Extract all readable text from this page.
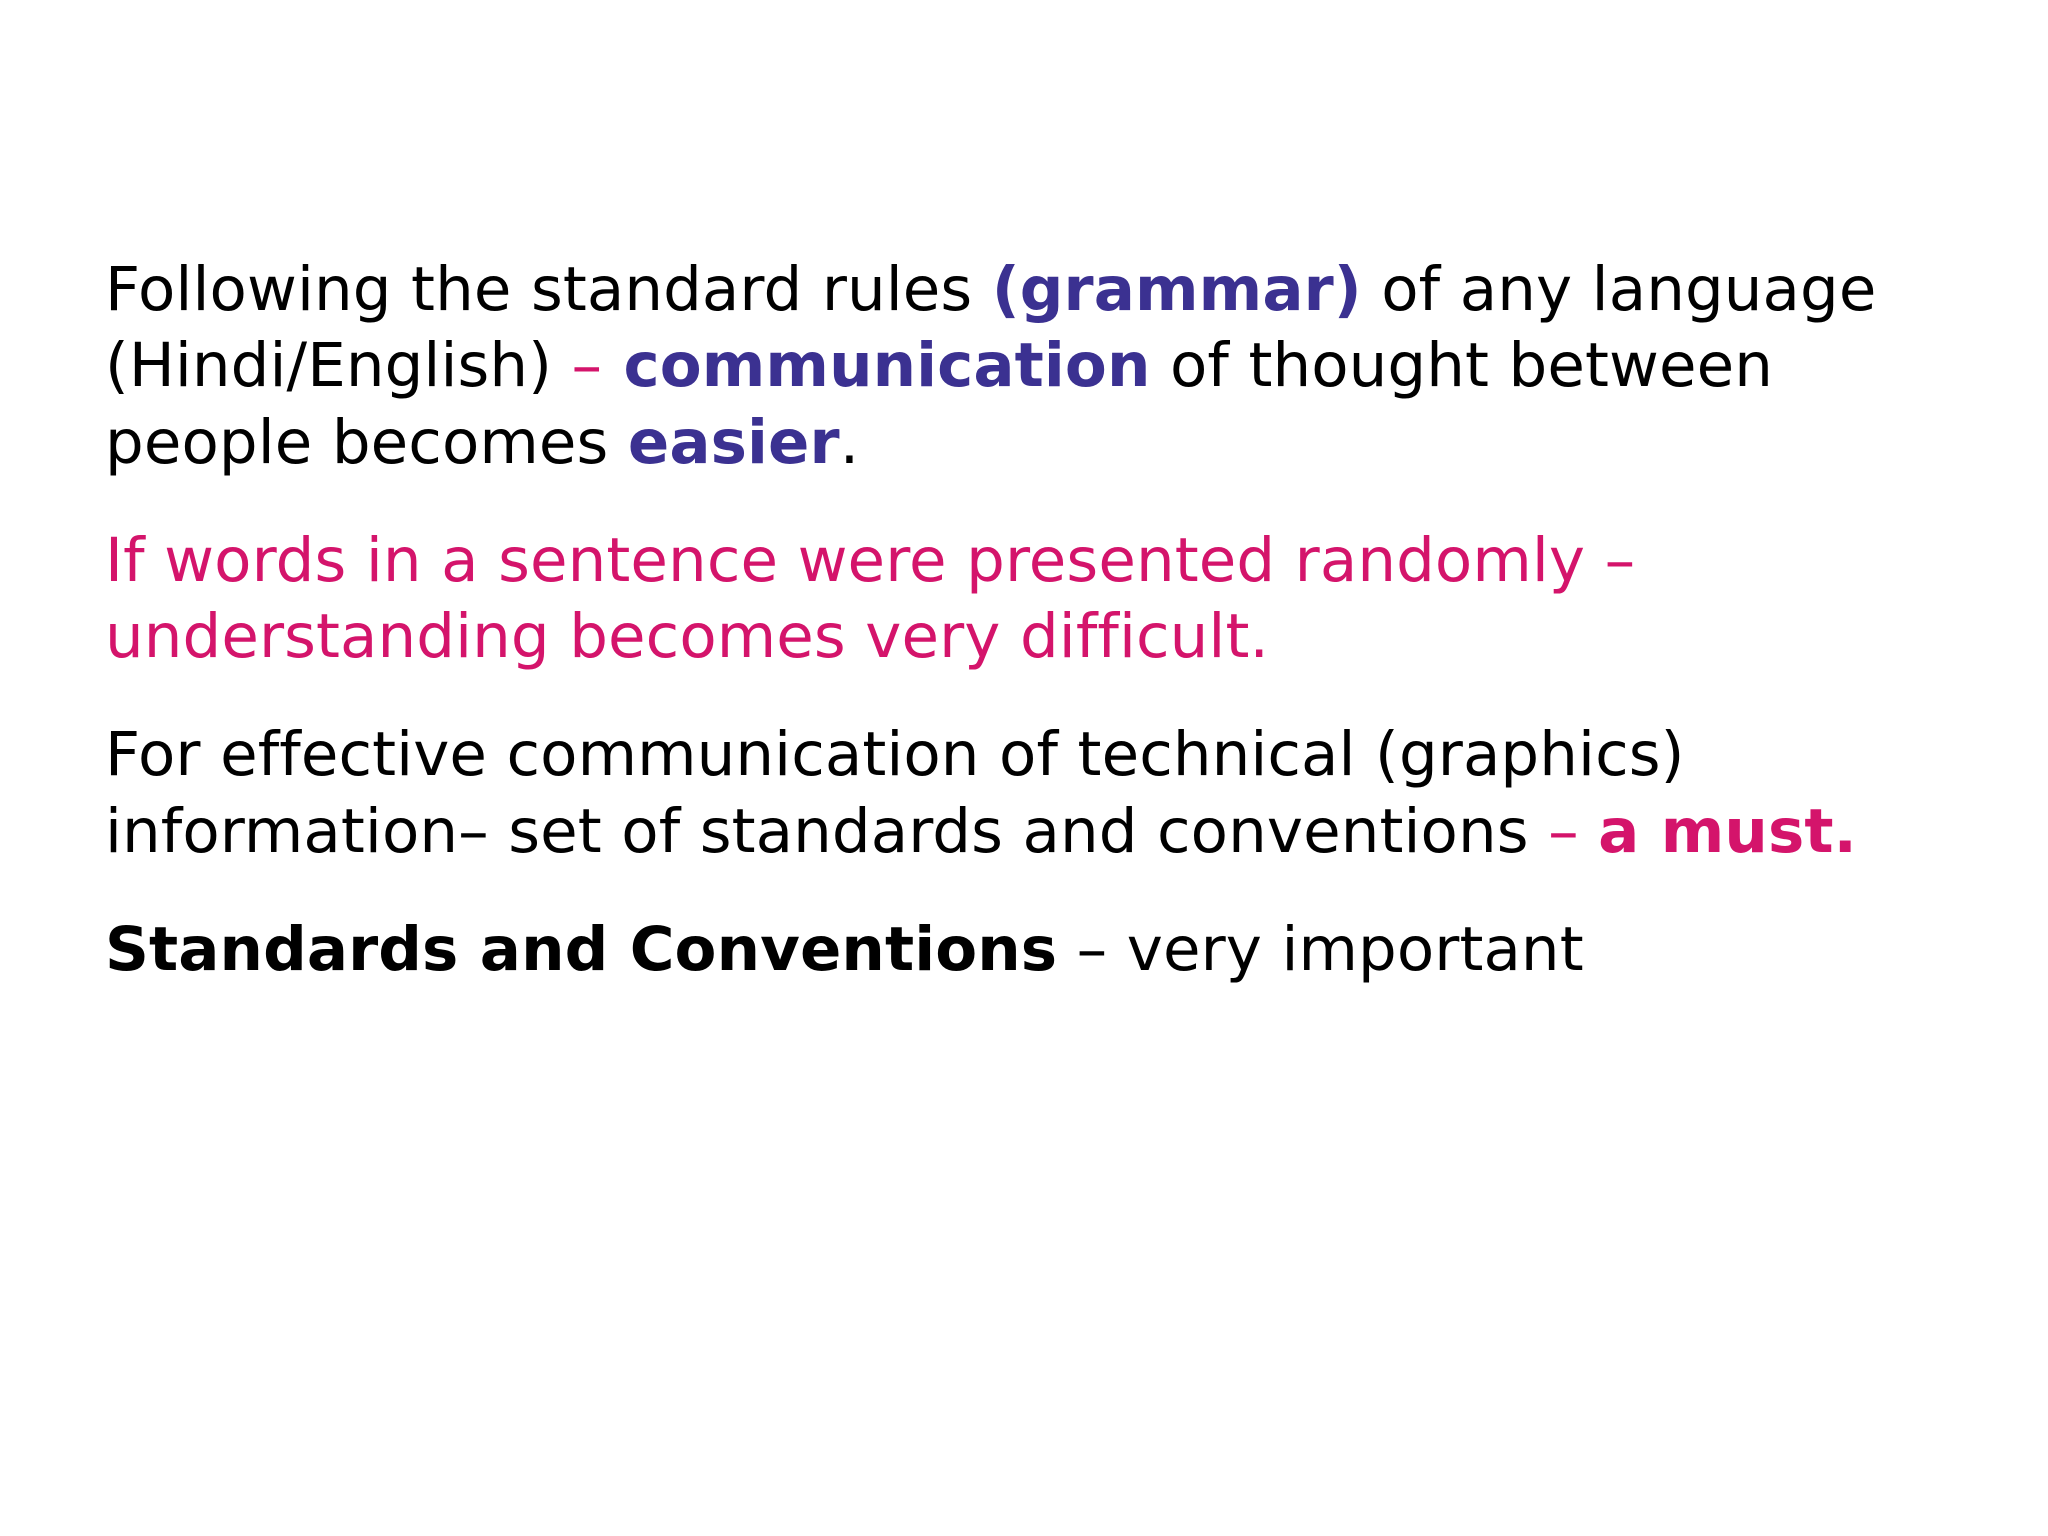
Following the standard rules (grammar) of any language (Hindi/English) – communication of thought between people becomes easier.

If words in a sentence were presented randomly – understanding becomes very difficult.

For effective communication of technical (graphics) information– set of standards and conventions – a must.

Standards and Conventions – very important
